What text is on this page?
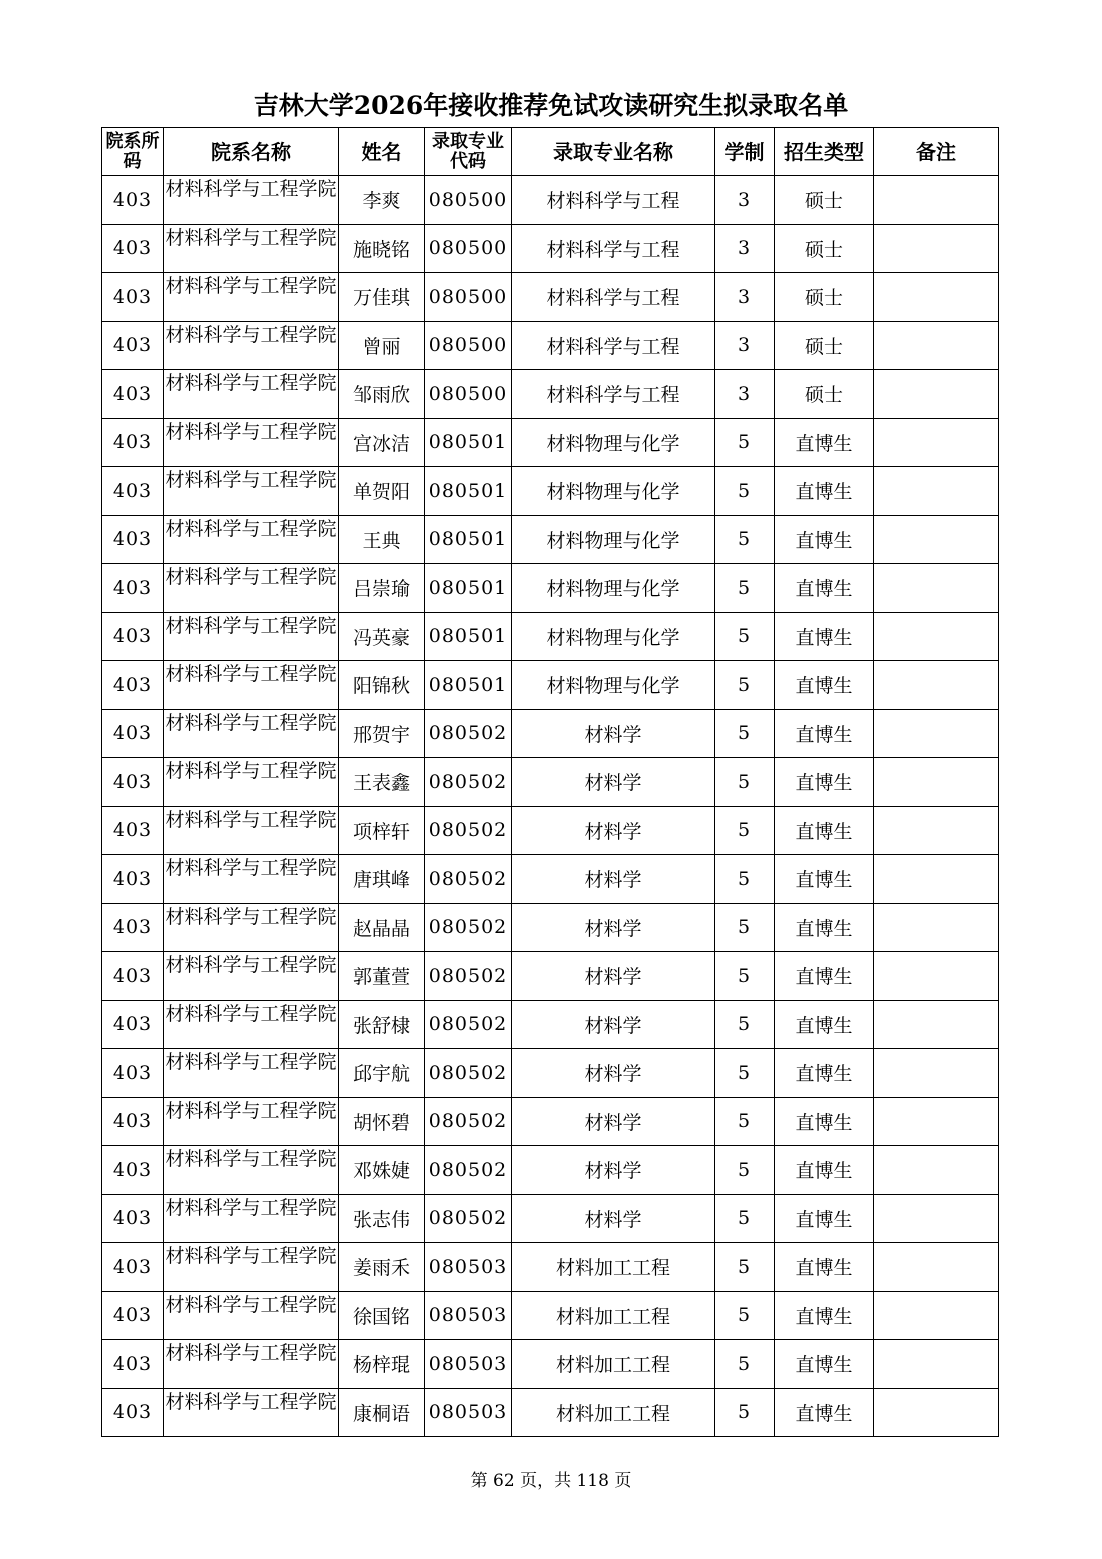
吉林大学2026年接收推荐免试攻读研究生拟录取名单
院系所码	院系名称	姓名	录取专业代码	录取专业名称	学制	招生类型	备注
403	材料科学与工程学院	李爽	080500	材料科学与工程	3	硕士	
403	材料科学与工程学院	施晓铭	080500	材料科学与工程	3	硕士	
403	材料科学与工程学院	万佳琪	080500	材料科学与工程	3	硕士	
403	材料科学与工程学院	曾丽	080500	材料科学与工程	3	硕士	
403	材料科学与工程学院	邹雨欣	080500	材料科学与工程	3	硕士	
403	材料科学与工程学院	宫冰洁	080501	材料物理与化学	5	直博生	
403	材料科学与工程学院	单贺阳	080501	材料物理与化学	5	直博生	
403	材料科学与工程学院	王典	080501	材料物理与化学	5	直博生	
403	材料科学与工程学院	吕崇瑜	080501	材料物理与化学	5	直博生	
403	材料科学与工程学院	冯英豪	080501	材料物理与化学	5	直博生	
403	材料科学与工程学院	阳锦秋	080501	材料物理与化学	5	直博生	
403	材料科学与工程学院	邢贺宇	080502	材料学	5	直博生	
403	材料科学与工程学院	王表鑫	080502	材料学	5	直博生	
403	材料科学与工程学院	项梓轩	080502	材料学	5	直博生	
403	材料科学与工程学院	唐琪峰	080502	材料学	5	直博生	
403	材料科学与工程学院	赵晶晶	080502	材料学	5	直博生	
403	材料科学与工程学院	郭董萱	080502	材料学	5	直博生	
403	材料科学与工程学院	张舒棣	080502	材料学	5	直博生	
403	材料科学与工程学院	邱宇航	080502	材料学	5	直博生	
403	材料科学与工程学院	胡怀碧	080502	材料学	5	直博生	
403	材料科学与工程学院	邓姝婕	080502	材料学	5	直博生	
403	材料科学与工程学院	张志伟	080502	材料学	5	直博生	
403	材料科学与工程学院	姜雨禾	080503	材料加工工程	5	直博生	
403	材料科学与工程学院	徐国铭	080503	材料加工工程	5	直博生	
403	材料科学与工程学院	杨梓琨	080503	材料加工工程	5	直博生	
403	材料科学与工程学院	康桐语	080503	材料加工工程	5	直博生	
第 62 页，共 118 页
